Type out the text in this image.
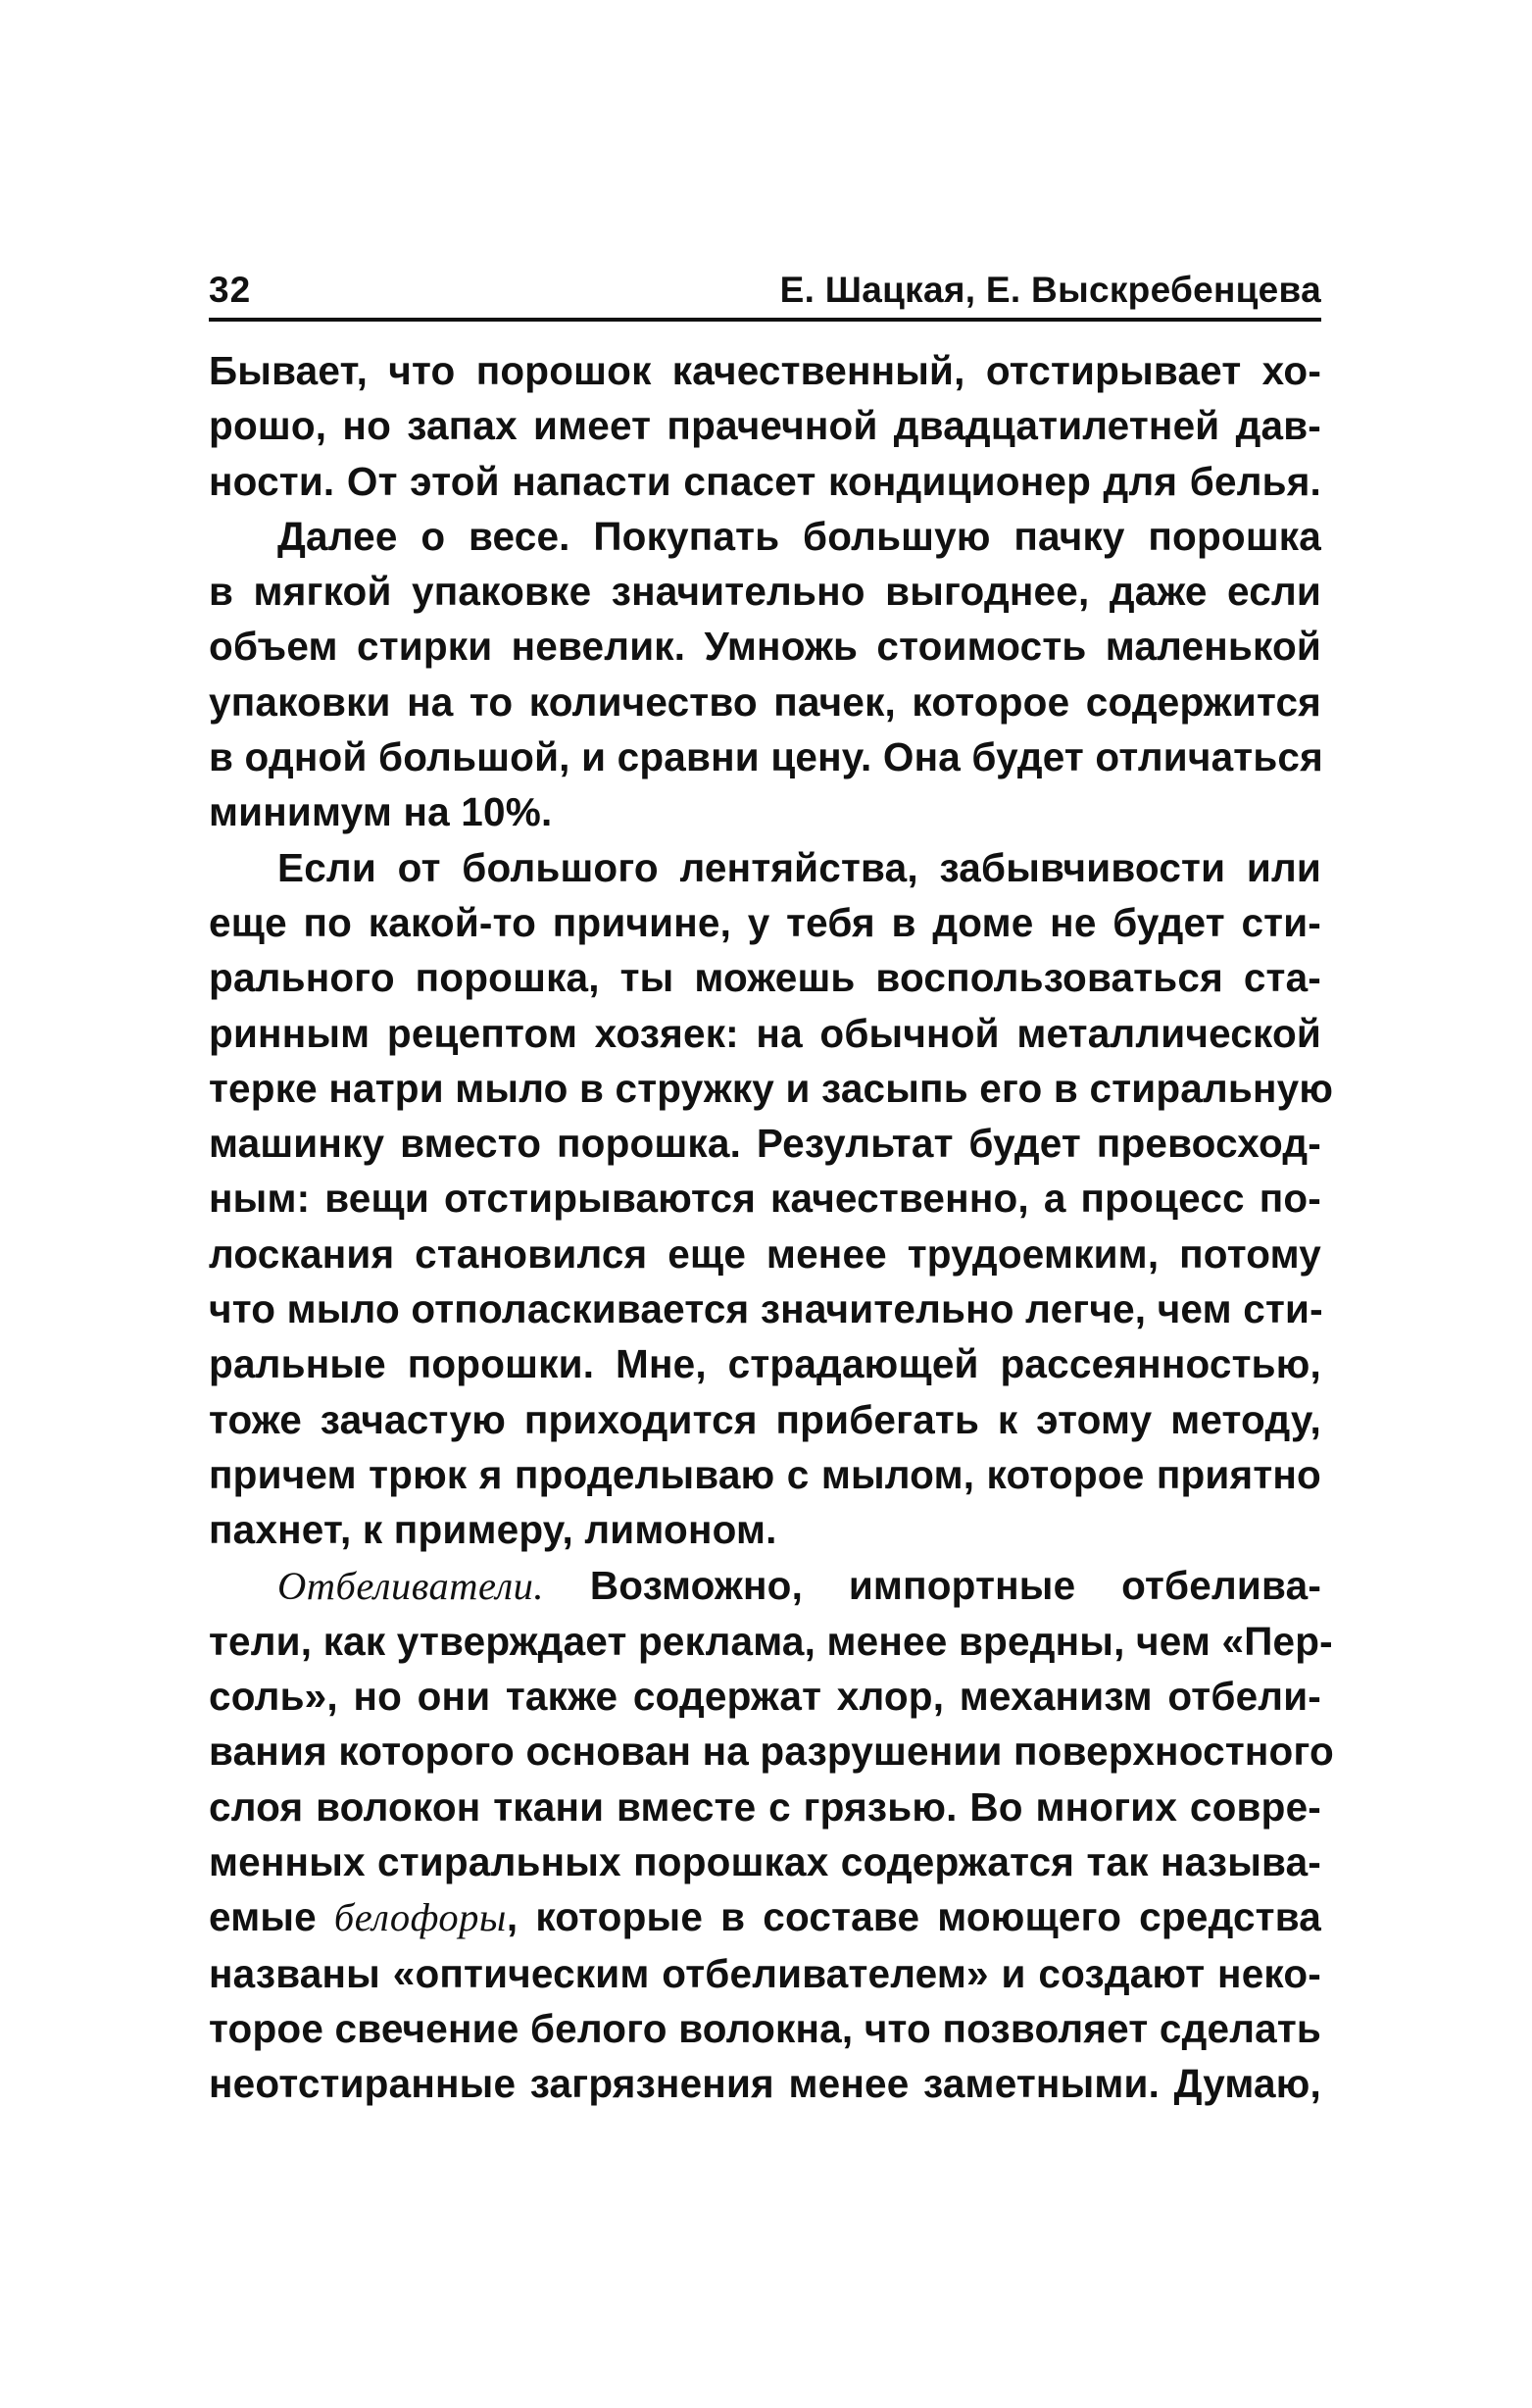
32	Е. Шацкая, Е. Выскребенцева

Бывает, что порошок качественный, отстирывает хо-
рошо, но запах имеет прачечной двадцатилетней дав-
ности. От этой напасти спасет кондиционер для белья.

Далее о весе. Покупать большую пачку порошка
в мягкой упаковке значительно выгоднее, даже если
объем стирки невелик. Умножь стоимость маленькой
упаковки на то количество пачек, которое содержится
в одной большой, и сравни цену. Она будет отличаться
минимум на 10%.

Если от большого лентяйства, забывчивости или
еще по какой-то причине, у тебя в доме не будет сти-
рального порошка, ты можешь воспользоваться ста-
ринным рецептом хозяек: на обычной металлической
терке натри мыло в стружку и засыпь его в стиральную
машинку вместо порошка. Результат будет превосход-
ным: вещи отстирываются качественно, а процесс по-
лоскания становился еще менее трудоемким, потому
что мыло отполаскивается значительно легче, чем сти-
ральные порошки. Мне, страдающей рассеянностью,
тоже зачастую приходится прибегать к этому методу,
причем трюк я проделываю с мылом, которое приятно
пахнет, к примеру, лимоном.

Отбеливатели. Возможно, импортные отбелива-
тели, как утверждает реклама, менее вредны, чем «Пер-
соль», но они также содержат хлор, механизм отбели-
вания которого основан на разрушении поверхностного
слоя волокон ткани вместе с грязью. Во многих совре-
менных стиральных порошках содержатся так называ-
емые белофоры, которые в составе моющего средства
названы «оптическим отбеливателем» и создают неко-
торое свечение белого волокна, что позволяет сделать
неотстиранные загрязнения менее заметными. Думаю,
